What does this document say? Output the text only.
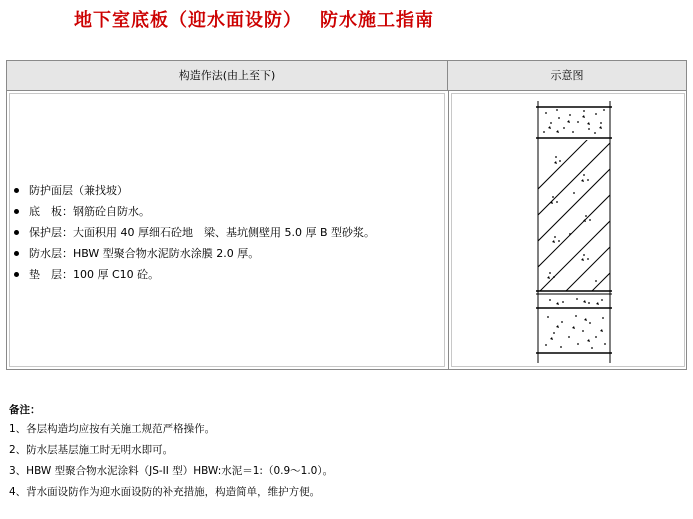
地下室底板（迎水面设防） 防水施工指南
构造作法(由上至下)	示意图
防护面层（兼找坡）
底　板：钢筋砼自防水。
保护层：大面积用 40 厚细石砼地　梁、基坑侧壁用 5.0 厚 B 型砂浆。
防水层：HBW 型聚合物水泥防水涂膜 2.0 厚。
垫　层：100 厚 C10 砼。
备注：
1、各层构造均应按有关施工规范严格操作。
2、防水层基层施工时无明水即可。
3、HBW 型聚合物水泥涂料（JS-II 型）HBW:水泥＝1:（0.9～1.0）。
4、背水面设防作为迎水面设防的补充措施，构造简单，维护方便。
